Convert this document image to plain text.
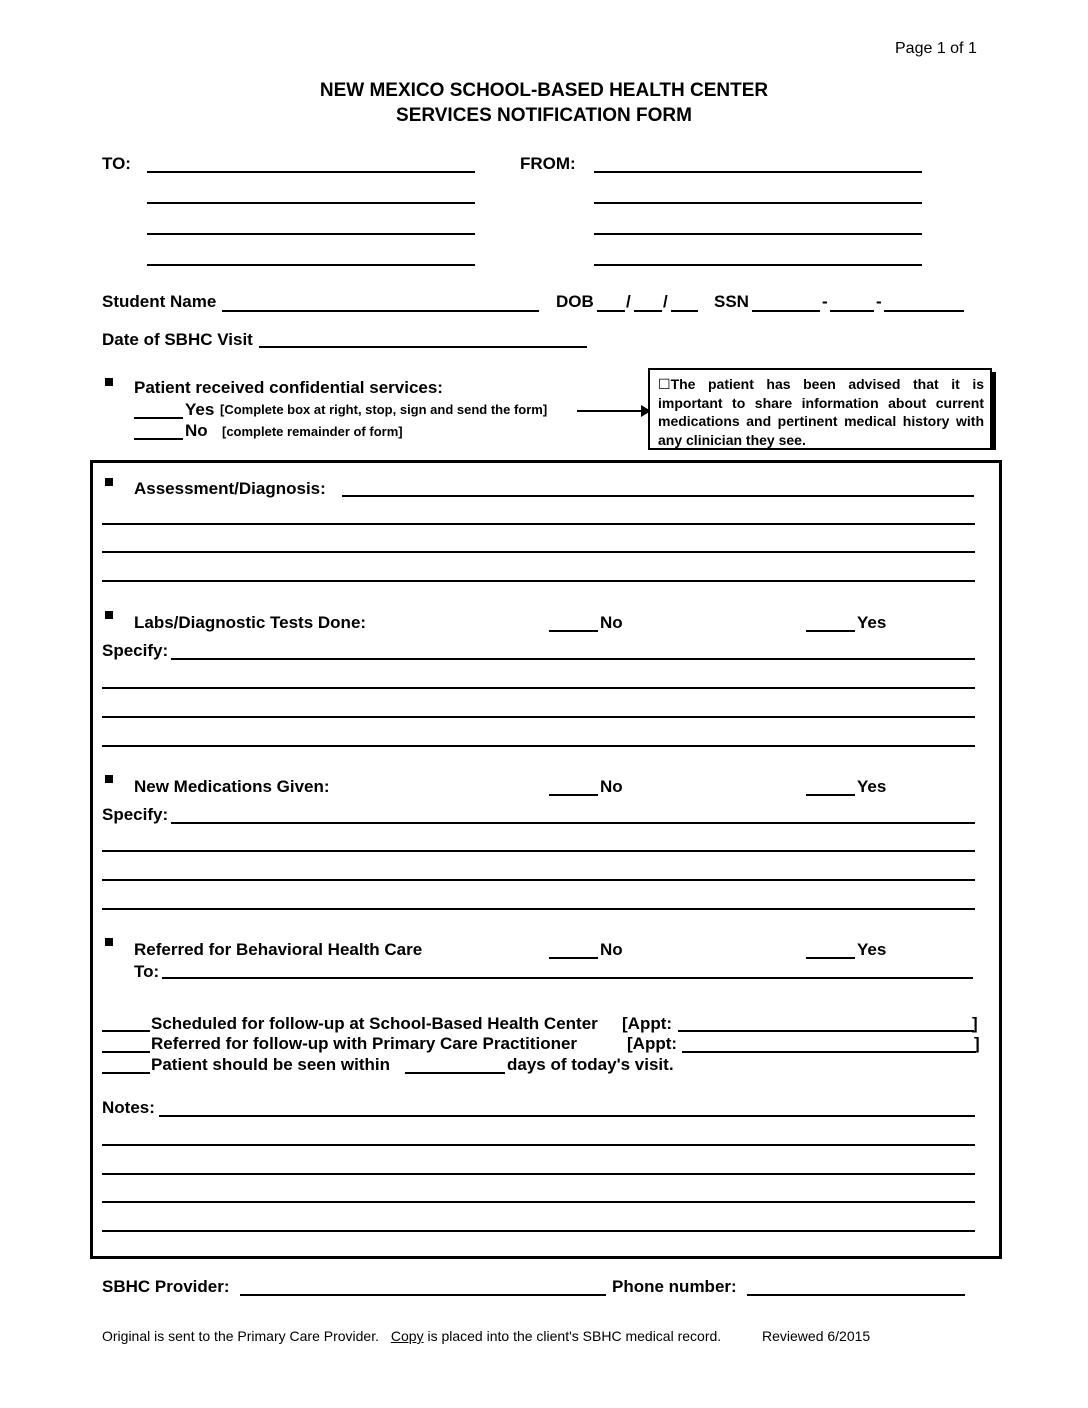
Page 1 of 1
NEW MEXICO SCHOOL-BASED HEALTH CENTER
SERVICES NOTIFICATION FORM
TO:	FROM:
Student Name	DOB / /	SSN	-	-
Date of SBHC Visit
Patient received confidential services:
Yes [Complete box at right, stop, sign and send the form]
No [complete remainder of form]
☐The patient has been advised that it is important to share information about current medications and pertinent medical history with any clinician they see.
Assessment/Diagnosis:
Labs/Diagnostic Tests Done:	No	Yes
Specify:
New Medications Given:	No	Yes
Specify:
Referred for Behavioral Health Care	No	Yes
To:
Scheduled for follow-up at School-Based Health Center [Appt:	]
Referred for follow-up with Primary Care Practitioner	[Appt:	]
Patient should be seen within	days of today's visit.
Notes:
SBHC Provider:	Phone number:
Original is sent to the Primary Care Provider. Copy is placed into the client's SBHC medical record.	Reviewed 6/2015
